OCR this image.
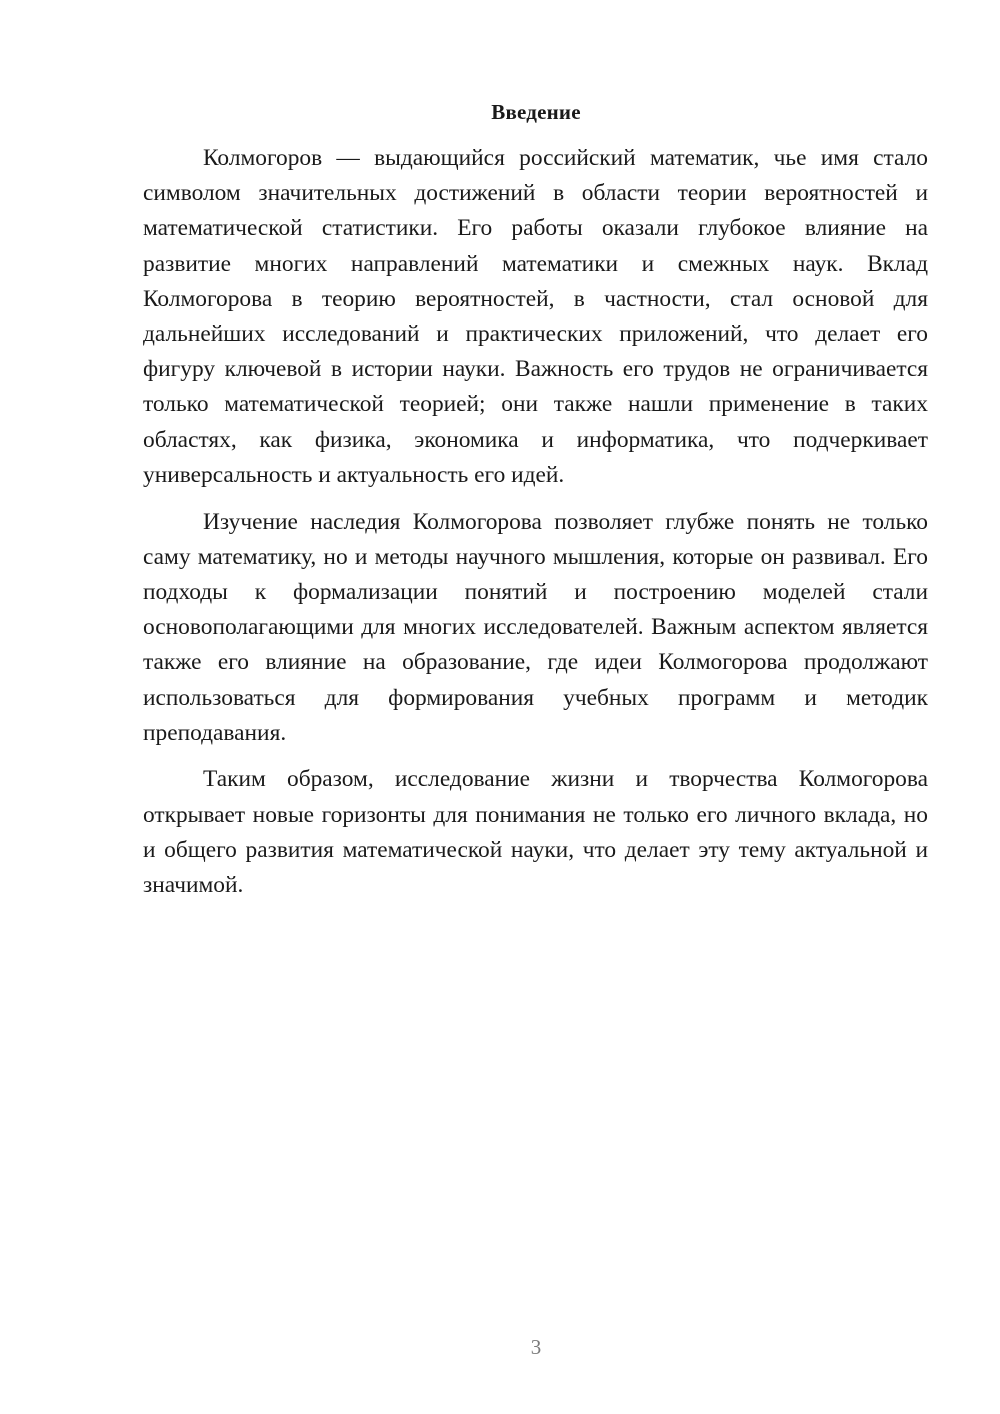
Введение

Колмогоров — выдающийся российский математик, чье имя стало символом значительных достижений в области теории вероятностей и математической статистики. Его работы оказали глубокое влияние на развитие многих направлений математики и смежных наук. Вклад Колмогорова в теорию вероятностей, в частности, стал основой для дальнейших исследований и практических приложений, что делает его фигуру ключевой в истории науки. Важность его трудов не ограничивается только математической теорией; они также нашли применение в таких областях, как физика, экономика и информатика, что подчеркивает универсальность и актуальность его идей.

Изучение наследия Колмогорова позволяет глубже понять не только саму математику, но и методы научного мышления, которые он развивал. Его подходы к формализации понятий и построению моделей стали основополагающими для многих исследователей. Важным аспектом является также его влияние на образование, где идеи Колмогорова продолжают использоваться для формирования учебных программ и методик преподавания.

Таким образом, исследование жизни и творчества Колмогорова открывает новые горизонты для понимания не только его личного вклада, но и общего развития математической науки, что делает эту тему актуальной и значимой.

3
